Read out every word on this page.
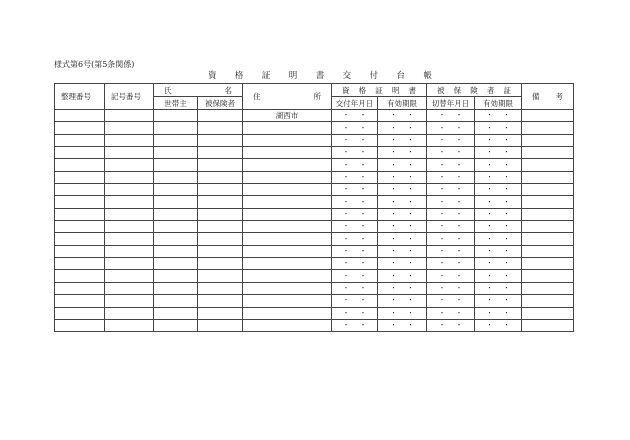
様式第6号(第5条関係)
資 格 証 明 書 交 付 台 帳
整理番号	記号番号	氏 名		住 所	資 格 証 明 書		被 保 険 者 証		備 考

		世帯主	被保険者		交付年月日	有効期限	切替年月日	有効期限	
				湖西市	・ ・	・ ・	・ ・	・ ・	

					・ ・	・ ・	・ ・	・ ・	

					・ ・	・ ・	・ ・	・ ・	

					・ ・	・ ・	・ ・	・ ・	

					・ ・	・ ・	・ ・	・ ・	

					・ ・	・ ・	・ ・	・ ・	

					・ ・	・ ・	・ ・	・ ・	

					・ ・	・ ・	・ ・	・ ・	

					・ ・	・ ・	・ ・	・ ・	

					・ ・	・ ・	・ ・	・ ・	

					・ ・	・ ・	・ ・	・ ・	

					・ ・	・ ・	・ ・	・ ・	

					・ ・	・ ・	・ ・	・ ・	

					・ ・	・ ・	・ ・	・ ・	

					・ ・	・ ・	・ ・	・ ・	

					・ ・	・ ・	・ ・	・ ・	

					・ ・	・ ・	・ ・	・ ・	

					・ ・	・ ・	・ ・	・ ・	
